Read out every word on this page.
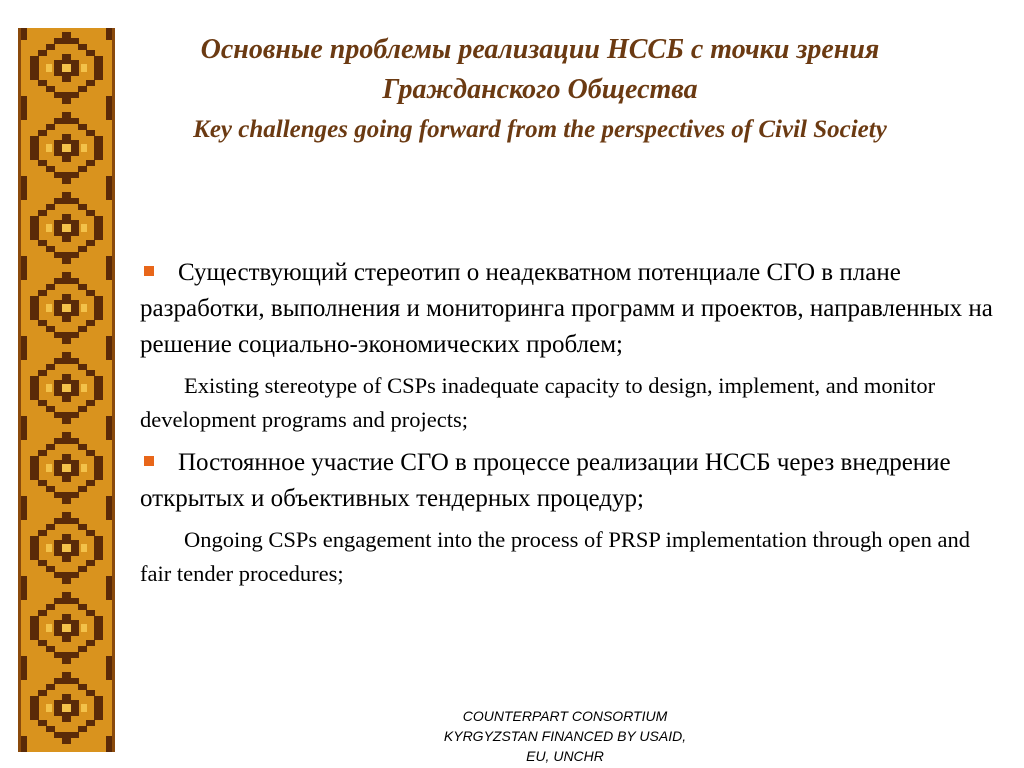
Основные проблемы реализации НССБ с точки зрения Гражданского Общества
Key challenges going forward from the perspectives of Civil Society

Существующий стереотип о неадекватном потенциале СГО в плане разработки, выполнения и мониторинга программ и проектов, направленных на решение социально-экономических проблем;

Existing stereotype of CSPs inadequate capacity to design, implement, and monitor development programs and projects;

Постоянное участие СГО в процессе реализации НССБ через внедрение открытых и объективных тендерных процедур;

Ongoing CSPs engagement into the process of PRSP implementation through open and fair tender procedures;

COUNTERPART CONSORTIUM
KYRGYZSTAN FINANCED BY USAID,
EU, UNCHR
